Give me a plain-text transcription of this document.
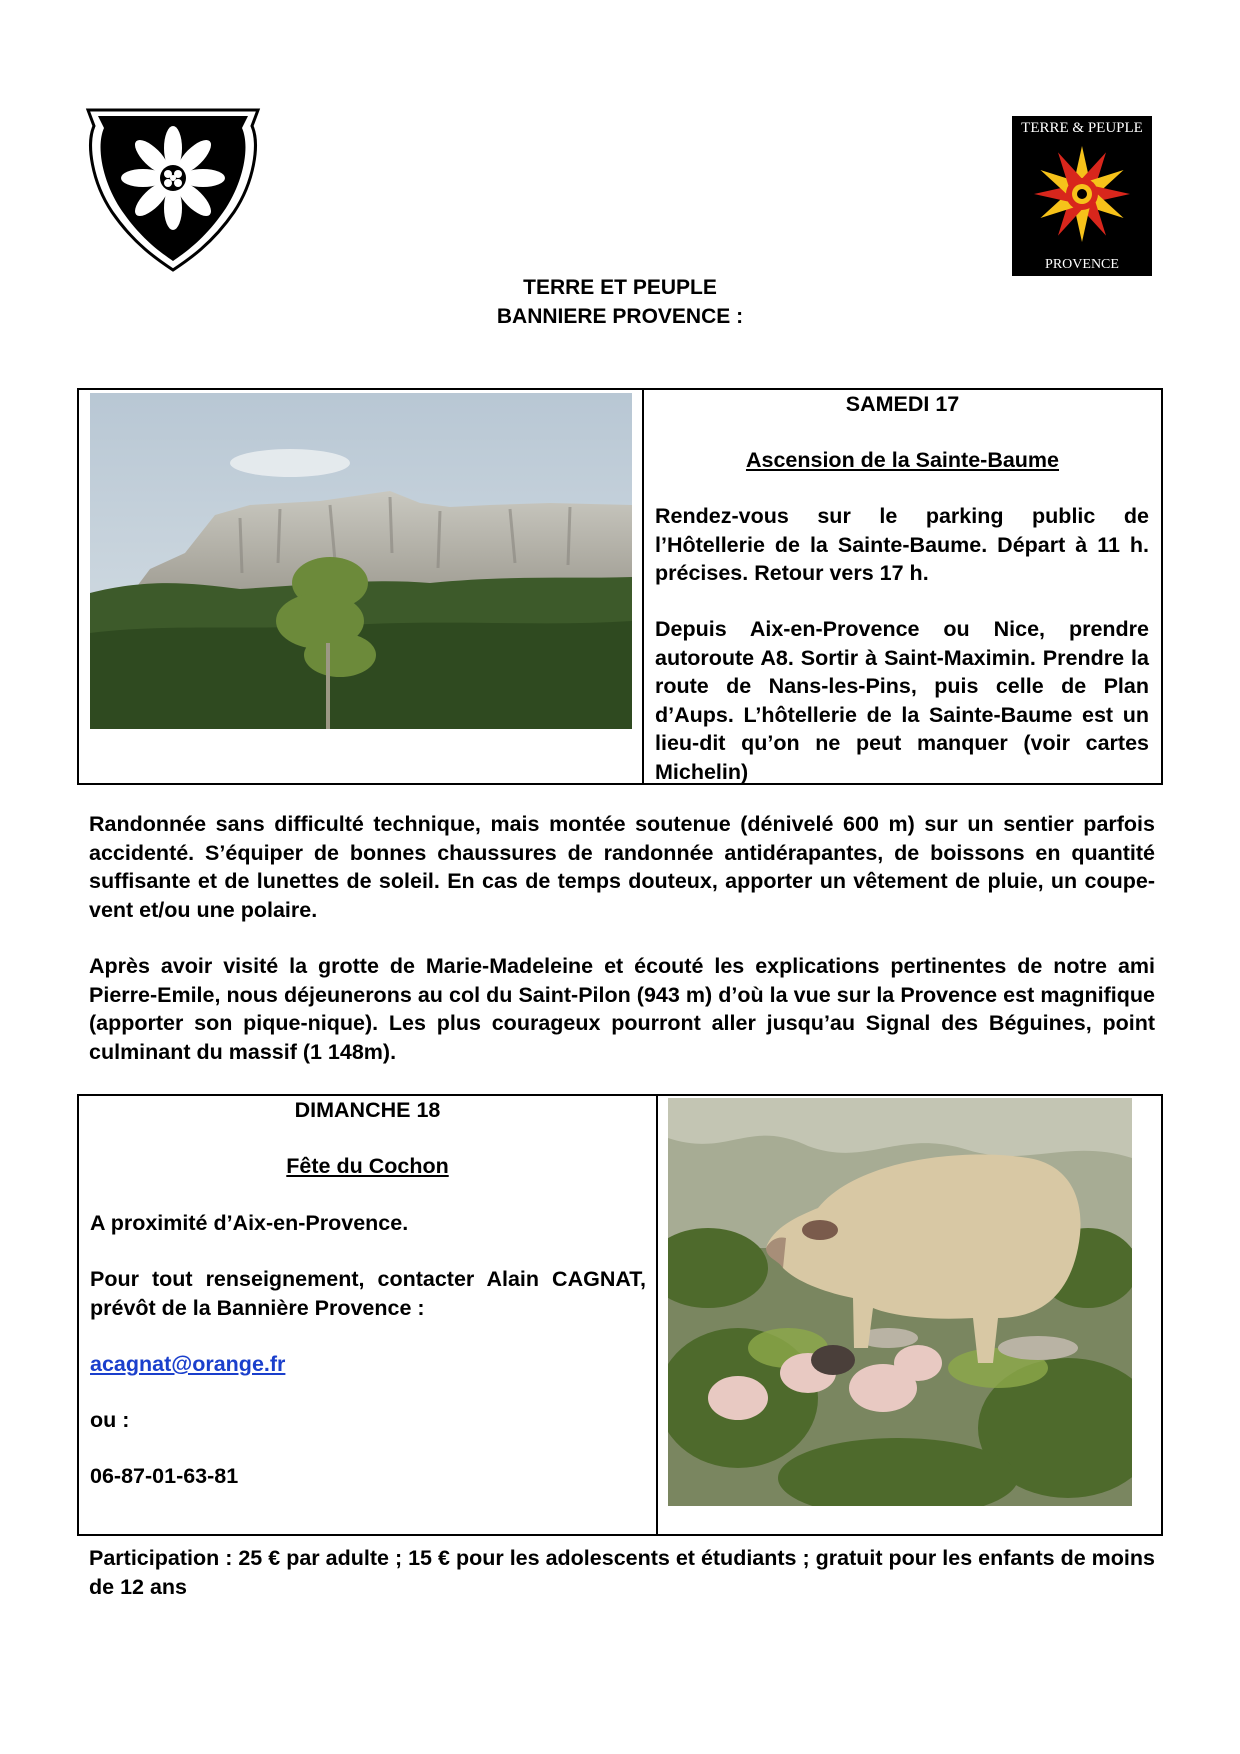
TERRE & PEUPLE
PROVENCE
TERRE ET PEUPLE
BANNIERE PROVENCE :
SAMEDI 17
Ascension de la Sainte-Baume

Rendez-vous sur le parking public de l’Hôtellerie de la Sainte-Baume. Départ à 11 h. précises. Retour vers 17 h.

Depuis Aix-en-Provence ou Nice, prendre autoroute A8. Sortir à Saint-Maximin. Prendre la route de Nans-les-Pins, puis celle de Plan d’Aups. L’hôtellerie de la Sainte-Baume est un lieu-dit qu’on ne peut manquer (voir cartes Michelin)

Randonnée sans difficulté technique, mais montée soutenue (dénivelé 600 m) sur un sentier parfois accidenté. S’équiper de bonnes chaussures de randonnée antidérapantes, de boissons en quantité suffisante et de lunettes de soleil. En cas de temps douteux, apporter un vêtement de pluie, un coupe-vent et/ou une polaire.

Après avoir visité la grotte de Marie-Madeleine et écouté les explications pertinentes de notre ami Pierre-Emile, nous déjeunerons au col du Saint-Pilon (943 m) d’où la vue sur la Provence est magnifique (apporter son pique-nique). Les plus courageux pourront aller jusqu’au Signal des Béguines, point culminant du massif (1 148m).

DIMANCHE 18
Fête du Cochon

A proximité d’Aix-en-Provence.

Pour tout renseignement, contacter Alain CAGNAT, prévôt de la Bannière Provence :

acagnat@orange.fr
ou :
06-87-01-63-81

Participation : 25 € par adulte ; 15 € pour les adolescents et étudiants ; gratuit pour les enfants de moins de 12 ans
